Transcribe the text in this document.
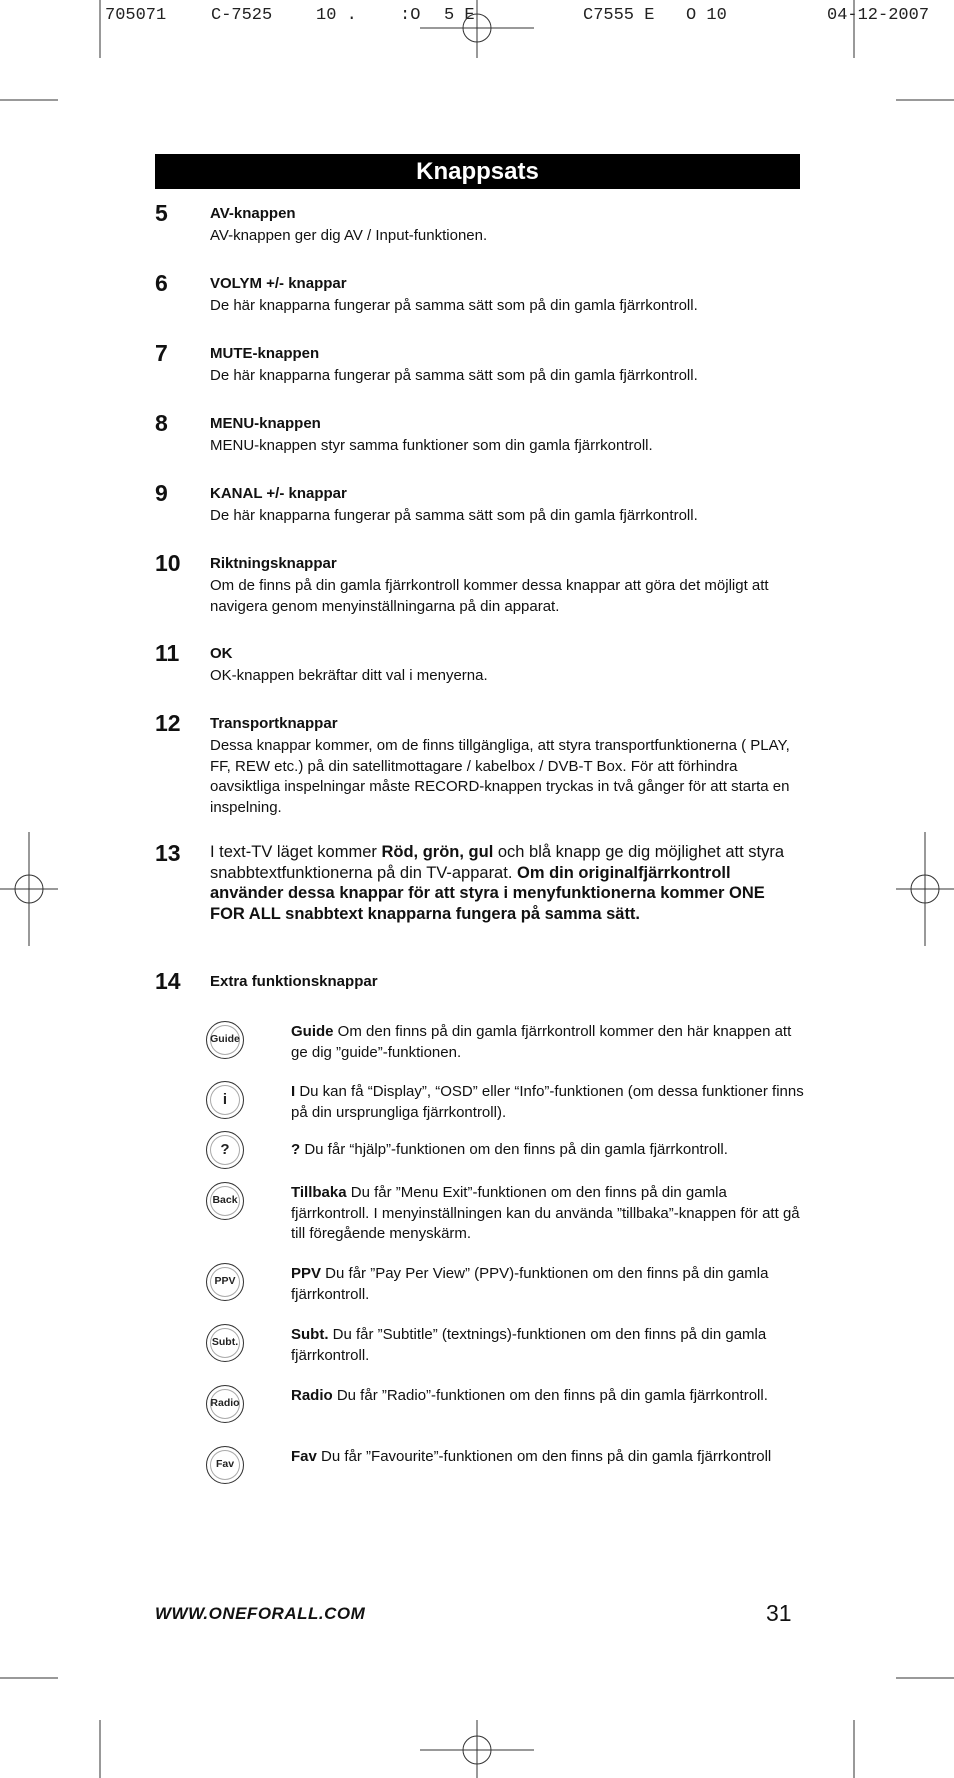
705071	C-7525	10 .	:O 5 E	C7555 E O 10	04-12-2007
Knappsats
5	AV-knappen
AV-knappen ger dig AV / Input-funktionen.
6	VOLYM +/- knappar
De här knapparna fungerar på samma sätt som på din gamla fjärrkontroll.
7	MUTE-knappen
De här knapparna fungerar på samma sätt som på din gamla fjärrkontroll.
8	MENU-knappen
MENU-knappen styr samma funktioner som din gamla fjärrkontroll.
9	KANAL +/- knappar
De här knapparna fungerar på samma sätt som på din gamla fjärrkontroll.
10 Riktningsknappar
Om de finns på din gamla fjärrkontroll kommer dessa knappar att göra det möjligt att navigera genom menyinställningarna på din apparat.
11 OK
OK-knappen bekräftar ditt val i menyerna.
12 Transportknappar
Dessa knappar kommer, om de finns tillgängliga, att styra transportfunktionerna ( PLAY, FF, REW etc.) på din satellitmottagare / kabelbox / DVB-T Box. För att förhindra oavsiktliga inspelningar måste RECORD-knappen tryckas in två gånger för att starta en inspelning.
13 I text-TV läget kommer Röd, grön, gul och blå knapp ge dig möjlighet att styra snabbtextfunktionerna på din TV-apparat. Om din originalfjärrkontroll använder dessa knappar för att styra i menyfunktionerna kommer ONE FOR ALL snabbtext knapparna fungera på samma sätt.
14 Extra funktionsknappar
Guide	Guide Om den finns på din gamla fjärrkontroll kommer den här knappen att ge dig ”guide”-funktionen.
i	I Du kan få “Display”, “OSD” eller “Info”-funktionen (om dessa funktioner finns på din ursprungliga fjärrkontroll).
?	? Du får “hjälp”-funktionen om den finns på din gamla fjärrkontroll.
Back	Tillbaka Du får ”Menu Exit”-funktionen om den finns på din gamla fjärrkontroll. I menyinställningen kan du använda ”tillbaka”-knappen för att gå till föregående menyskärm.
PPV	PPV Du får ”Pay Per View” (PPV)-funktionen om den finns på din gamla fjärrkontroll.
Subt.	Subt. Du får ”Subtitle” (textnings)-funktionen om den finns på din gamla fjärrkontroll.
Radio	Radio Du får ”Radio”-funktionen om den finns på din gamla fjärrkontroll.
Fav	Fav Du får ”Favourite”-funktionen om den finns på din gamla fjärrkontroll
WWW.ONEFORALL.COM	31
